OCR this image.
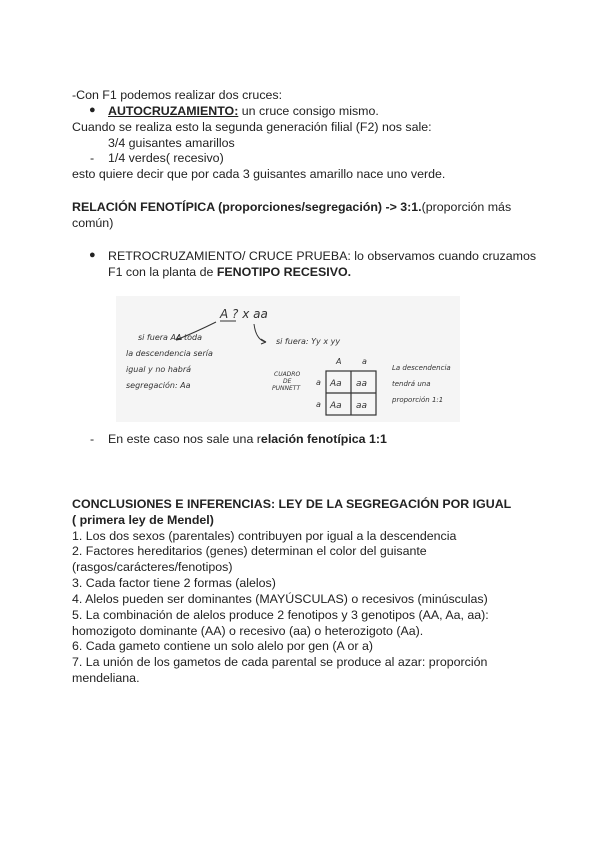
-Con F1 podemos realizar dos cruces:
● AUTOCRUZAMIENTO: un cruce consigo mismo.
Cuando se realiza esto la segunda generación filial (F2) nos sale:
3/4 guisantes amarillos
- 1/4 verdes( recesivo)
esto quiere decir que por cada 3 guisantes amarillo nace uno verde.
RELACIÓN FENOTÍPICA (proporciones/segregación) -> 3:1.(proporción más
común)
● RETROCRUZAMIENTO/ CRUCE PRUEBA: lo observamos cuando cruzamos
F1 con la planta de FENOTIPO RECESIVO.
A ? x aa
si fuera AA toda
la descendencia sería
igual y no habrá
segregación: Aa
si fuera: Yy x yy
CUADRO
DE
PUNNETT
A	a
a
a
Aa aa
Aa aa
La descendencia
tendrá una
proporción 1:1
- En este caso nos sale una relación fenotípica 1:1
CONCLUSIONES E INFERENCIAS: LEY DE LA SEGREGACIÓN POR IGUAL
( primera ley de Mendel)
1. Los dos sexos (parentales) contribuyen por igual a la descendencia
2. Factores hereditarios (genes) determinan el color del guisante
(rasgos/carácteres/fenotipos)
3. Cada factor tiene 2 formas (alelos)
4. Alelos pueden ser dominantes (MAYÚSCULAS) o recesivos (minúsculas)
5. La combinación de alelos produce 2 fenotipos y 3 genotipos (AA, Aa, aa):
homozigoto dominante (AA) o recesivo (aa) o heterozigoto (Aa).
6. Cada gameto contiene un solo alelo por gen (A or a)
7. La unión de los gametos de cada parental se produce al azar: proporción
mendeliana.
